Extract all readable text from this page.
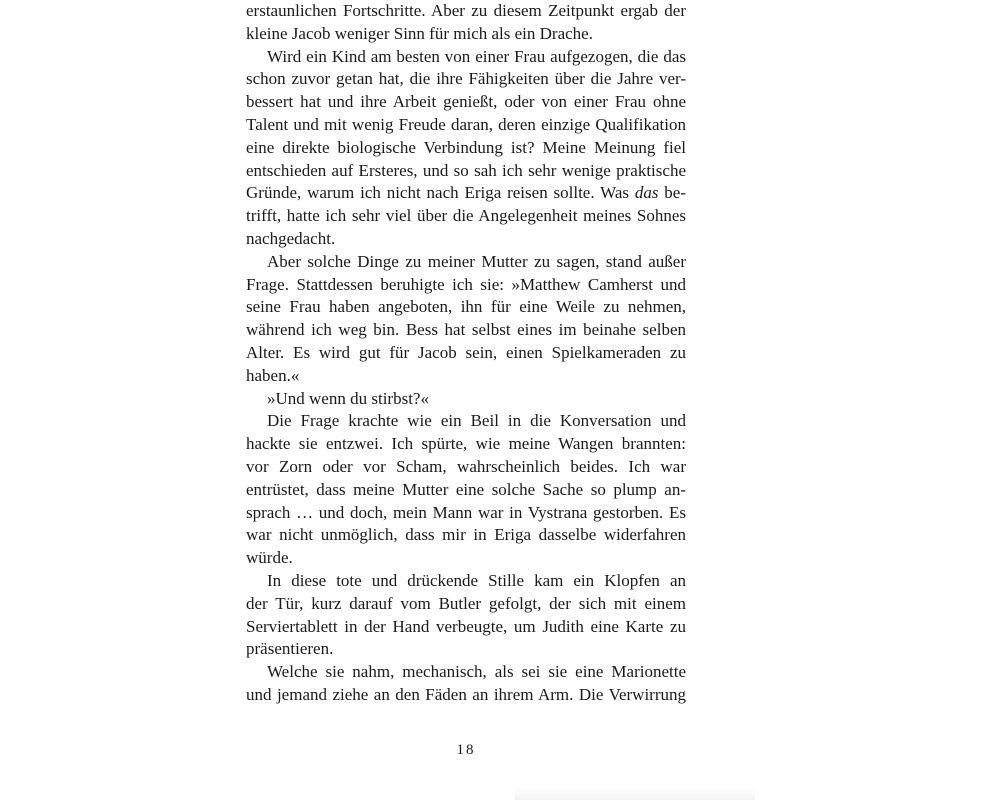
erstaunlichen Fortschritte. Aber zu diesem Zeitpunkt ergab der
kleine Jacob weniger Sinn für mich als ein Drache.
Wird ein Kind am besten von einer Frau aufgezogen, die das
schon zuvor getan hat, die ihre Fähigkeiten über die Jahre ver-
bessert hat und ihre Arbeit genießt, oder von einer Frau ohne
Talent und mit wenig Freude daran, deren einzige Qualifikation
eine direkte biologische Verbindung ist? Meine Meinung fiel
entschieden auf Ersteres, und so sah ich sehr wenige praktische
Gründe, warum ich nicht nach Eriga reisen sollte. Was das be-
trifft, hatte ich sehr viel über die Angelegenheit meines Sohnes
nachgedacht.
Aber solche Dinge zu meiner Mutter zu sagen, stand außer
Frage. Stattdessen beruhigte ich sie: »Matthew Camherst und
seine Frau haben angeboten, ihn für eine Weile zu nehmen,
während ich weg bin. Bess hat selbst eines im beinahe selben
Alter. Es wird gut für Jacob sein, einen Spielkameraden zu
haben.«
»Und wenn du stirbst?«
Die Frage krachte wie ein Beil in die Konversation und
hackte sie entzwei. Ich spürte, wie meine Wangen brannten:
vor Zorn oder vor Scham, wahrscheinlich beides. Ich war
entrüstet, dass meine Mutter eine solche Sache so plump an-
sprach … und doch, mein Mann war in Vystrana gestorben. Es
war nicht unmöglich, dass mir in Eriga dasselbe widerfahren
würde.
In diese tote und drückende Stille kam ein Klopfen an
der Tür, kurz darauf vom Butler gefolgt, der sich mit einem
Serviertablett in der Hand verbeugte, um Judith eine Karte zu
präsentieren.
Welche sie nahm, mechanisch, als sei sie eine Marionette
und jemand ziehe an den Fäden an ihrem Arm. Die Verwirrung
18
